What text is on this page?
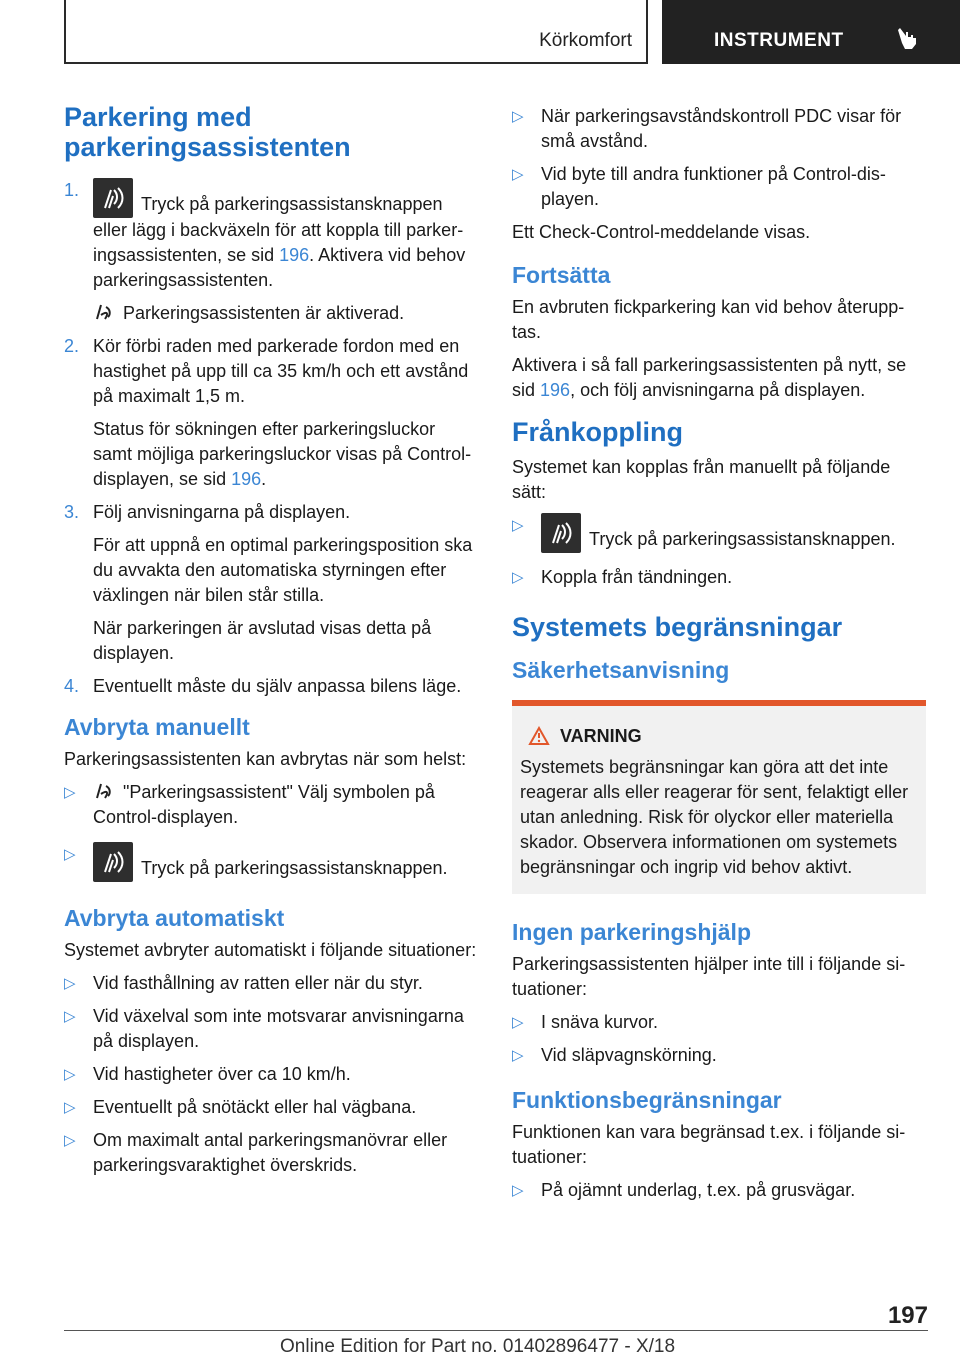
Körkomfort	INSTRUMENT
Parkering med parkeringsassistenten
1.
Tryck på parkeringsassistansknappen eller lägg i backväxeln för att koppla till parkeringsassistenten, se sid 196. Aktivera vid behov parkeringsassistenten.
Parkeringsassistenten är aktiverad.
2. Kör förbi raden med parkerade fordon med en hastighet på upp till ca 35 km/h och ett avstånd på maximalt 1,5 m.
Status för sökningen efter parkeringsluckor samt möjliga parkeringsluckor visas på Control-displayen, se sid 196.
3. Följ anvisningarna på displayen.
För att uppnå en optimal parkeringsposition ska du avvakta den automatiska styrningen efter växlingen när bilen står stilla.
När parkeringen är avslutad visas detta på displayen.
4. Eventuellt måste du själv anpassa bilens läge.
Avbryta manuellt

Parkeringsassistenten kan avbrytas när som helst:

▷	"Parkeringsassistent" Välj symbolen på Control-displayen.
▷
Tryck på parkeringsassistansknappen.
Avbryta automatiskt

Systemet avbryter automatiskt i följande situationer:

▷ Vid fasthållning av ratten eller när du styr.
▷ Vid växelval som inte motsvarar anvisningarna på displayen.
▷ Vid hastigheter över ca 10 km/h.
▷ Eventuellt på snötäckt eller hal vägbana.
▷ Om maximalt antal parkeringsmanövrar eller parkeringsvaraktighet överskrids.
▷ När parkeringsavståndskontroll PDC visar för små avstånd.
▷ Vid byte till andra funktioner på Control-displayen.

Ett Check-Control-meddelande visas.

Fortsätta

En avbruten fickparkering kan vid behov återupptas.

Aktivera i så fall parkeringsassistenten på nytt, se sid 196, och följ anvisningarna på displayen.

Frånkoppling

Systemet kan kopplas från manuellt på följande sätt:

▷
Tryck på parkeringsassistansknappen.
▷ Koppla från tändningen.
Systemets begränsningar
Säkerhetsanvisning
VARNING
Systemets begränsningar kan göra att det inte reagerar alls eller reagerar för sent, felaktigt eller utan anledning. Risk för olyckor eller materiella skador. Observera informationen om systemets begränsningar och ingrip vid behov aktivt.
Ingen parkeringshjälp

Parkeringsassistenten hjälper inte till i följande situationer:

▷ I snäva kurvor.
▷ Vid släpvagnskörning.
Funktionsbegränsningar

Funktionen kan vara begränsad t.ex. i följande situationer:

▷ På ojämnt underlag, t.ex. på grusvägar.
197
Online Edition for Part no. 01402896477 - X/18
